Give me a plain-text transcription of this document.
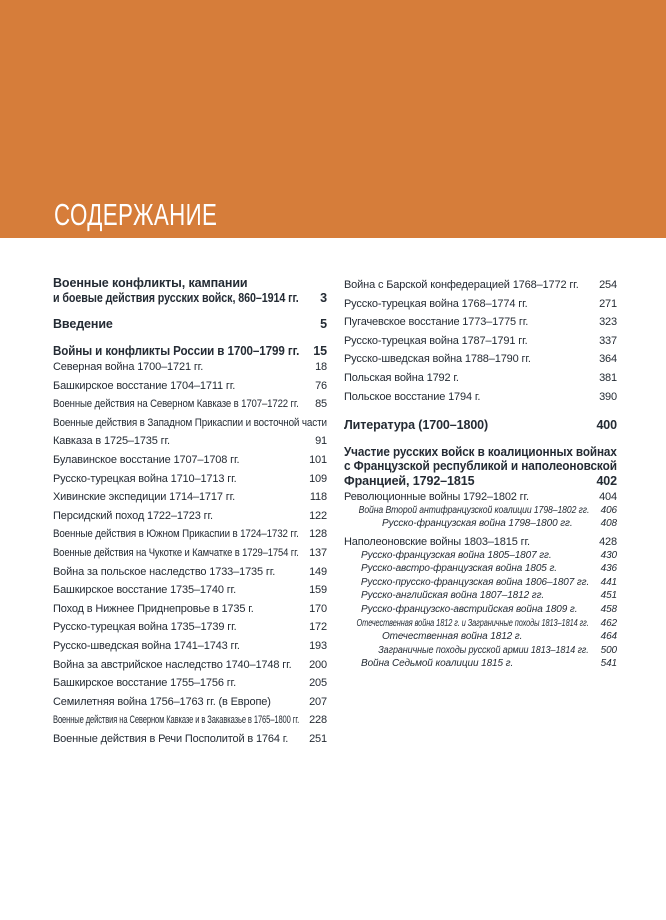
СОДЕРЖАНИЕ
Военные конфликты, кампании
и боевые действия русских войск, 860–1914 гг.	3
Введение	5
Войны и конфликты России в 1700–1799 гг.	15
Северная война 1700–1721 гг.	18
Башкирское восстание 1704–1711 гг.	76
Военные действия на Северном Кавказе в 1707–1722 гг.	85
Военные действия в Западном Прикаспии и восточной части
Кавказа в 1725–1735 гг.	91
Булавинское восстание 1707–1708 гг.	101
Русско-турецкая война 1710–1713 гг.	109
Хивинские экспедиции 1714–1717 гг.	118
Персидский поход 1722–1723 гг.	122
Военные действия в Южном Прикаспии в 1724–1732 гг. 128
Военные действия на Чукотке и Камчатке в 1729–1754 гг. 137
Война за польское наследство 1733–1735 гг.	149
Башкирское восстание 1735–1740 гг.	159
Поход в Нижнее Приднепровье в 1735 г.	170
Русско-турецкая война 1735–1739 гг.	172
Русско-шведская война 1741–1743 гг.	193
Война за австрийское наследство 1740–1748 гг.	200
Башкирское восстание 1755–1756 гг.	205
Семилетняя война 1756–1763 гг. (в Европе)	207
Военные действия на Северном Кавказе и в Закавказье в 1765–1800 гг. 228
Военные действия в Речи Посполитой в 1764 г.	251
Война с Барской конфедерацией 1768–1772 гг.	254
Русско-турецкая война 1768–1774 гг.	271
Пугачевское восстание 1773–1775 гг.	323
Русско-турецкая война 1787–1791 гг.	337
Русско-шведская война 1788–1790 гг.	364
Польская война 1792 г.	381
Польское восстание 1794 г.	390
Литература (1700–1800)	400
Участие русских войск в коалиционных войнах
с Французской республикой и наполеоновской
Францией, 1792–1815	402
Революционные войны 1792–1802 гг.	404
Война Второй антифранцузской коалиции 1798–1802 гг.	406
Русско-французская война 1798–1800 гг.	408
Наполеоновские войны 1803–1815 гг.	428
Русско-французская война 1805–1807 гг.	430
Русско-австро-французская война 1805 г.	436
Русско-прусско-французская война 1806–1807 гг.	441
Русско-английская война 1807–1812 гг.	451
Русско-французско-австрийская война 1809 г.	458
Отечественная война 1812 г. и Заграничные походы 1813–1814 гг.	462
Отечественная война 1812 г.	464
Заграничные походы русской армии 1813–1814 гг.	500
Война Седьмой коалиции 1815 г.	541
